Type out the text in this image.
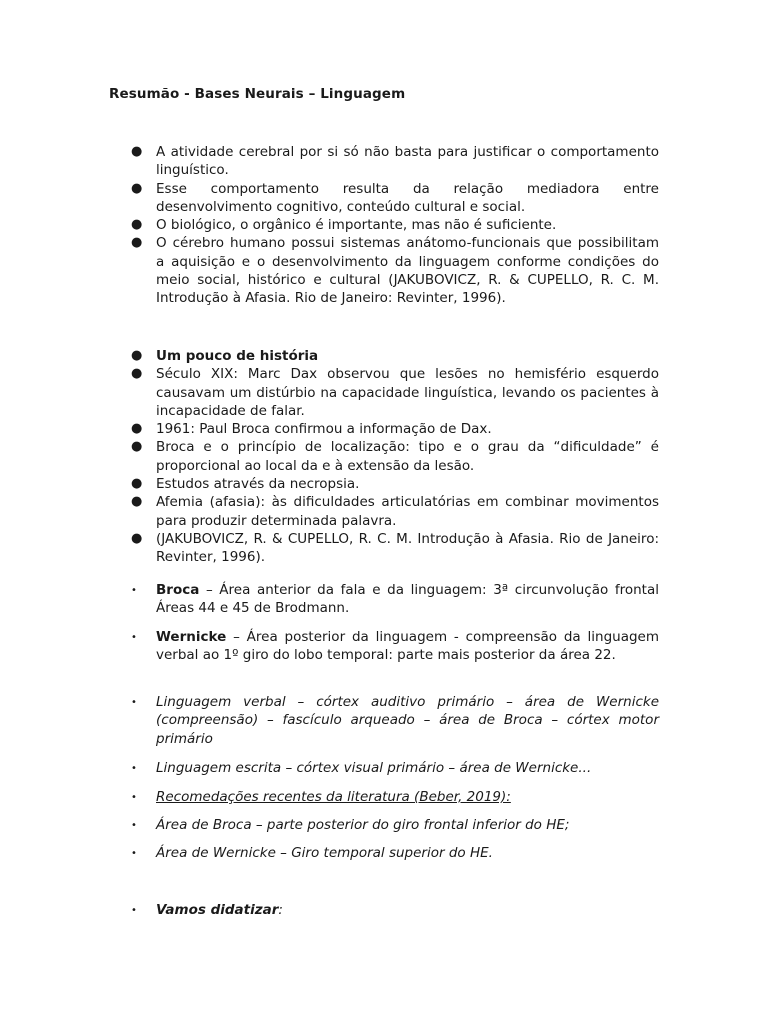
Resumão - Bases Neurais – Linguagem

●	A atividade cerebral por si só não basta para justificar o comportamento linguístico.

●	Esse comportamento resulta da relação mediadora entre desenvolvimento cognitivo, conteúdo cultural e social.

●	O biológico, o orgânico é importante, mas não é suficiente.

●	O cérebro humano possui sistemas anátomo-funcionais que possibilitam a aquisição e o desenvolvimento da linguagem conforme condições do meio social, histórico e cultural (JAKUBOVICZ, R. & CUPELLO, R. C. M. Introdução à Afasia. Rio de Janeiro: Revinter, 1996).

●	Um pouco de história

●	Século XIX: Marc Dax observou que lesões no hemisfério esquerdo causavam um distúrbio na capacidade linguística, levando os pacientes à incapacidade de falar.

●	1961: Paul Broca confirmou a informação de Dax.

●	Broca e o princípio de localização: tipo e o grau da “dificuldade” é proporcional ao local da e à extensão da lesão.

●	Estudos através da necropsia.

●	Afemia (afasia): às dificuldades articulatórias em combinar movimentos para produzir determinada palavra.

●	(JAKUBOVICZ, R. & CUPELLO, R. C. M. Introdução à Afasia. Rio de Janeiro: Revinter, 1996).

•	Broca – Área anterior da fala e da linguagem: 3ª circunvolução frontal Áreas 44 e 45 de Brodmann.

•	Wernicke – Área posterior da linguagem - compreensão da linguagem verbal ao 1º giro do lobo temporal: parte mais posterior da área 22.

•	Linguagem verbal – córtex auditivo primário – área de Wernicke (compreensão) – fascículo arqueado – área de Broca – córtex motor primário

•	Linguagem escrita – córtex visual primário – área de Wernicke...

•	Recomedações recentes da literatura (Beber, 2019):

•	Área de Broca – parte posterior do giro frontal inferior do HE;

•	Área de Wernicke – Giro temporal superior do HE.

•	Vamos didatizar:
